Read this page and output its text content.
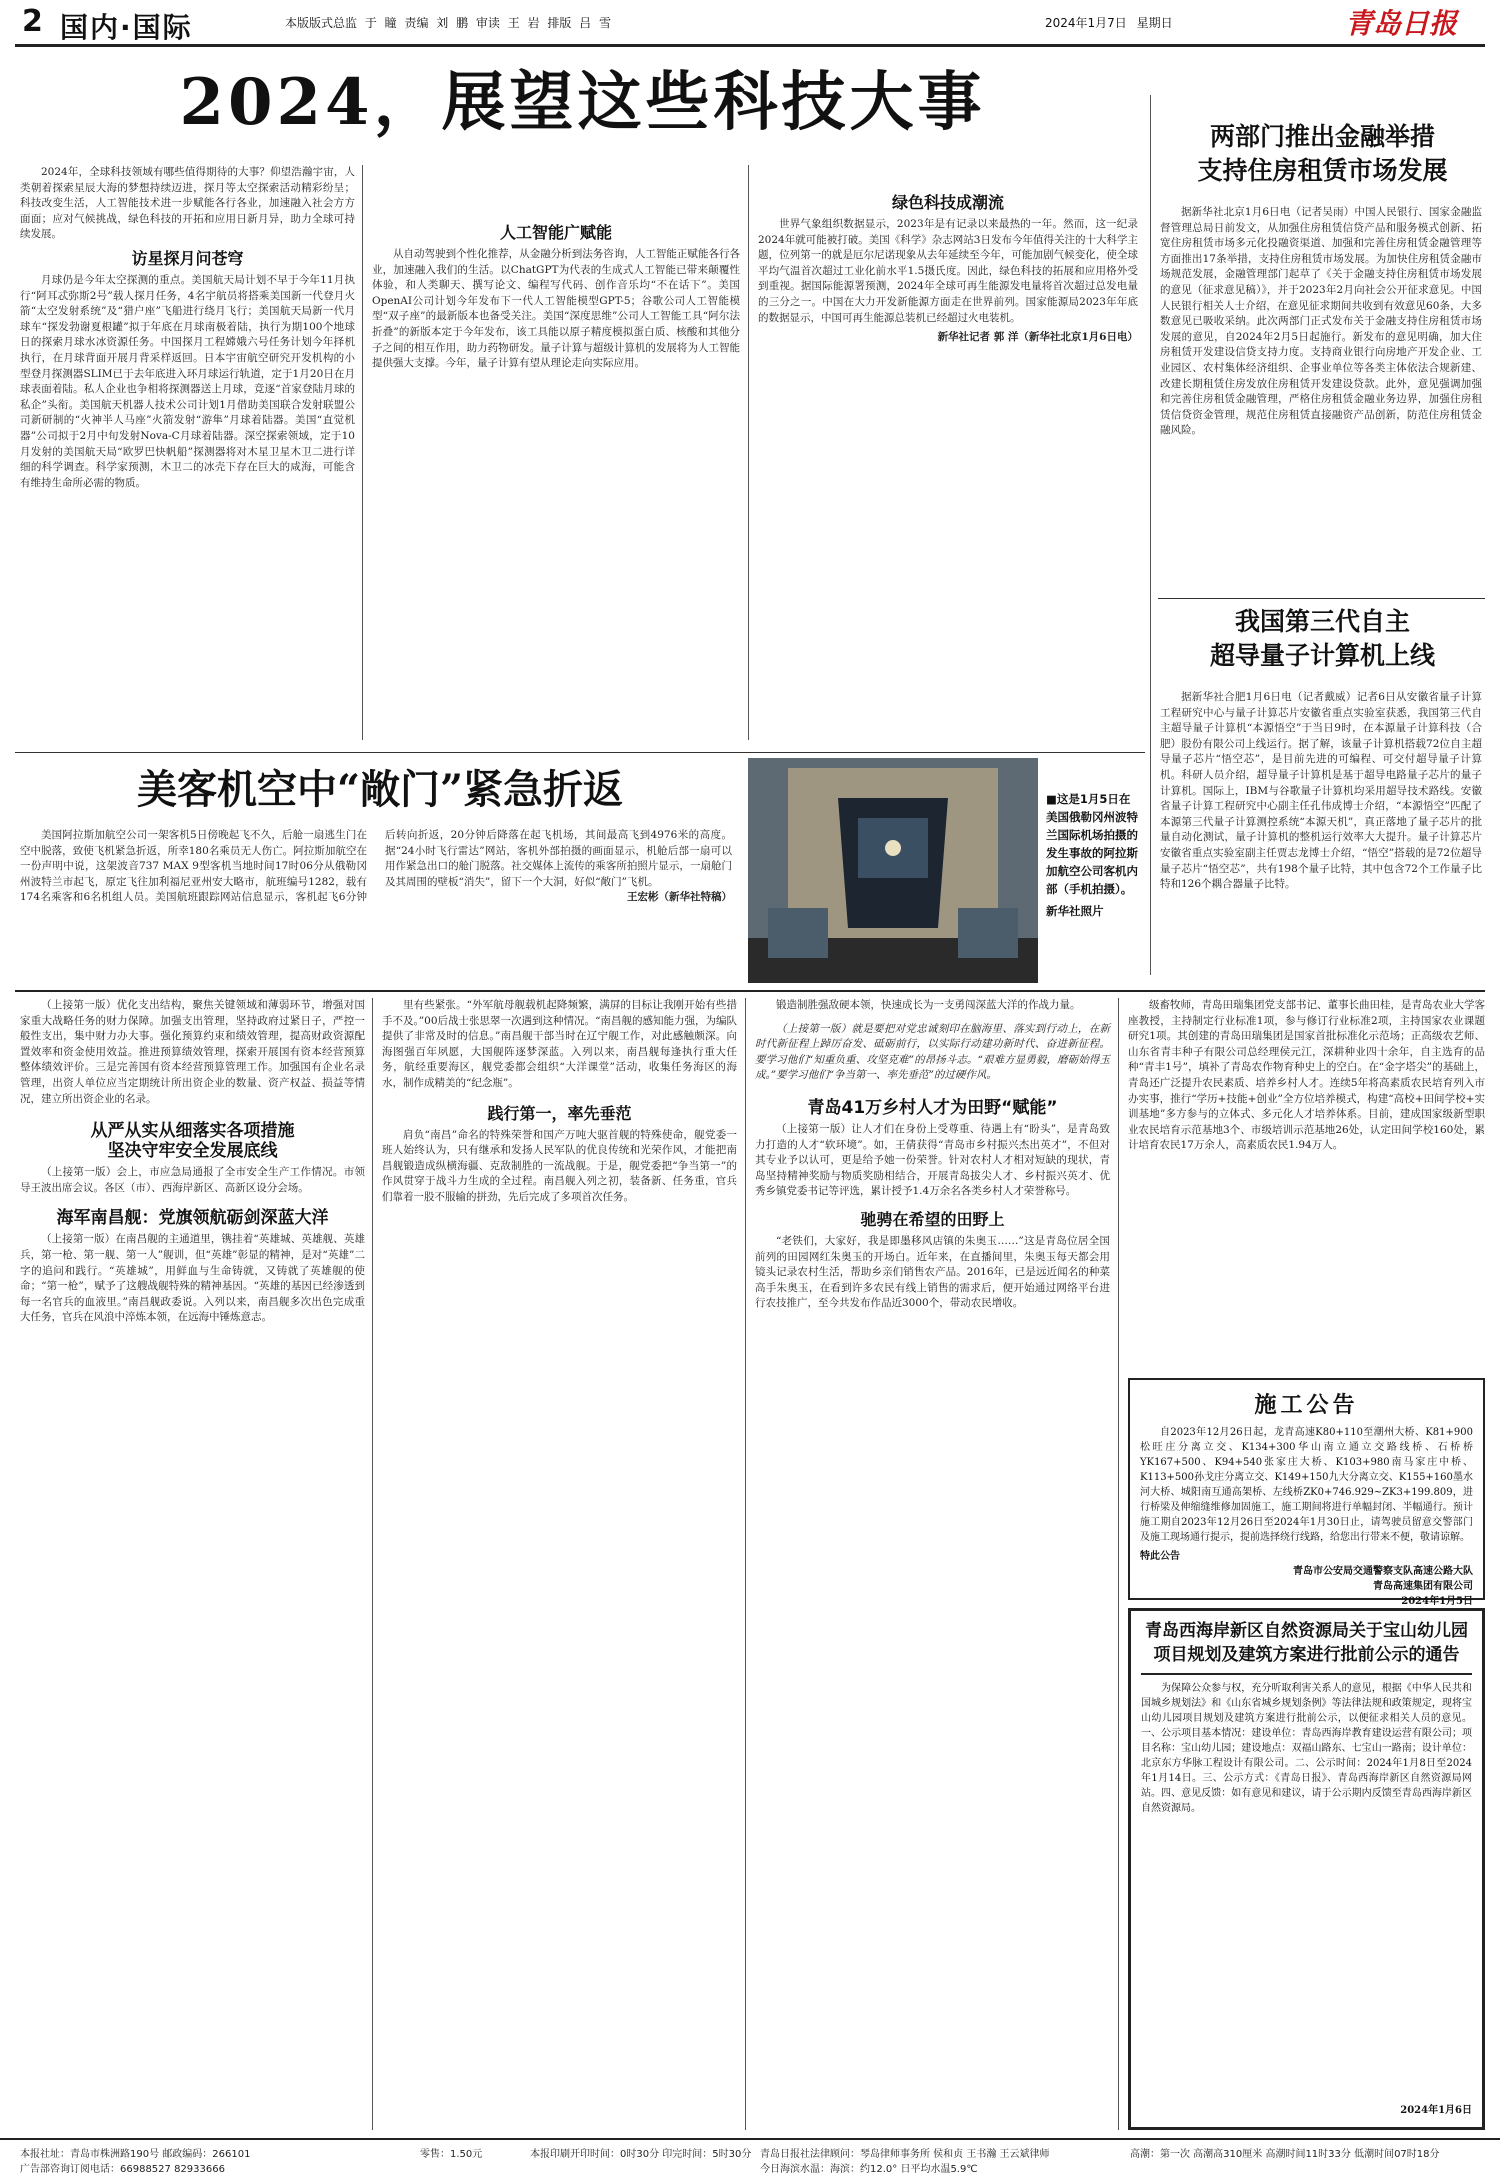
2 国内·国际	本版版式总监 于 瞳 责编 刘 鹏 审读 王 岩 排版 吕 雪	2024年1月7日 星期日	青岛日报
2024，展望这些科技大事

2024年，全球科技领域有哪些值得期待的大事？仰望浩瀚宇宙，人类朝着探索星辰大海的梦想持续迈进，探月等太空探索活动精彩纷呈；科技改变生活，人工智能技术进一步赋能各行各业，加速融入社会方方面面；应对气候挑战，绿色科技的开拓和应用日新月异，助力全球可持续发展。

访星探月问苍穹

月球仍是今年太空探测的重点。美国航天局计划不早于今年11月执行“阿耳忒弥斯2号”载人探月任务，4名宇航员将搭乘美国新一代登月火箭“太空发射系统”及“猎户座”飞船进行绕月飞行；美国航天局新一代月球车“探发勃谢夏根罐”拟于年底在月球南极着陆，执行为期100个地球日的探索月球水冰资源任务。中国探月工程嫦娥六号任务计划今年择机执行，在月球背面开展月背采样返回。日本宇宙航空研究开发机构的小型登月探测器SLIM已于去年底进入环月球运行轨道，定于1月20日在月球表面着陆。私人企业也争相将探测器送上月球，竞逐“首家登陆月球的私企”头衔。美国航天机器人技术公司计划1月借助美国联合发射联盟公司新研制的“火神半人马座”火箭发射“游隼”月球着陆器。美国“直觉机器”公司拟于2月中旬发射Nova-C月球着陆器。深空探索领域，定于10月发射的美国航天局“欧罗巴快帆船”探测器将对木星卫星木卫二进行详细的科学调查。科学家预测，木卫二的冰壳下存在巨大的咸海，可能含有维持生命所必需的物质。

人工智能广赋能

从自动驾驶到个性化推荐，从金融分析到法务咨询，人工智能正赋能各行各业，加速融入我们的生活。以ChatGPT为代表的生成式人工智能已带来颠覆性体验，和人类聊天、撰写论文、编程写代码、创作音乐均“不在话下”。美国OpenAI公司计划今年发布下一代人工智能模型GPT-5；谷歌公司人工智能模型“双子座”的最新版本也备受关注。美国“深度思维”公司人工智能工具“阿尔法折叠”的新版本定于今年发布，该工具能以原子精度模拟蛋白质、核酸和其他分子之间的相互作用，助力药物研发。量子计算与超级计算机的发展将为人工智能提供强大支撑。今年，量子计算有望从理论走向实际应用。

绿色科技成潮流

世界气象组织数据显示，2023年是有记录以来最热的一年。然而，这一纪录2024年就可能被打破。美国《科学》杂志网站3日发布今年值得关注的十大科学主题，位列第一的就是厄尔尼诺现象从去年延续至今年，可能加剧气候变化，使全球平均气温首次超过工业化前水平1.5摄氏度。因此，绿色科技的拓展和应用格外受到重视。据国际能源署预测，2024年全球可再生能源发电量将首次超过总发电量的三分之一。中国在大力开发新能源方面走在世界前列。国家能源局2023年年底的数据显示，中国可再生能源总装机已经超过火电装机。

新华社记者 郭 洋（新华社北京1月6日电）

美客机空中“敞门”紧急折返

美国阿拉斯加航空公司一架客机5日傍晚起飞不久，后舱一扇逃生门在空中脱落，致使飞机紧急折返，所幸180名乘员无人伤亡。阿拉斯加航空在一份声明中说，这架波音737 MAX 9型客机当地时间17时06分从俄勒冈州波特兰市起飞，原定飞往加利福尼亚州安大略市，航班编号1282，载有174名乘客和6名机组人员。美国航班跟踪网站信息显示，客机起飞6分钟后转向折返，20分钟后降落在起飞机场，其间最高飞到4976米的高度。据“24小时飞行雷达”网站，客机外部拍摄的画面显示，机舱后部一扇可以用作紧急出口的舱门脱落。社交媒体上流传的乘客所拍照片显示，一扇舱门及其周围的壁板“消失”，留下一个大洞，好似“敞门”飞机。

王宏彬（新华社特稿）

■这是1月5日在美国俄勒冈州波特兰国际机场拍摄的发生事故的阿拉斯加航空公司客机内部（手机拍摄）。
新华社照片
两部门推出金融举措
支持住房租赁市场发展
据新华社北京1月6日电（记者吴雨）中国人民银行、国家金融监督管理总局日前发文，从加强住房租赁信贷产品和服务模式创新、拓宽住房租赁市场多元化投融资渠道、加强和完善住房租赁金融管理等方面推出17条举措，支持住房租赁市场发展。为加快住房租赁金融市场规范发展，金融管理部门起草了《关于金融支持住房租赁市场发展的意见（征求意见稿）》，并于2023年2月向社会公开征求意见。中国人民银行相关人士介绍，在意见征求期间共收到有效意见60条，大多数意见已吸收采纳。此次两部门正式发布关于金融支持住房租赁市场发展的意见，自2024年2月5日起施行。新发布的意见明确，加大住房租赁开发建设信贷支持力度。支持商业银行向房地产开发企业、工业园区、农村集体经济组织、企事业单位等各类主体依法合规新建、改建长期租赁住房发放住房租赁开发建设贷款。此外，意见强调加强和完善住房租赁金融管理，严格住房租赁金融业务边界，加强住房租赁信贷资金管理，规范住房租赁直接融资产品创新，防范住房租赁金融风险。
我国第三代自主
超导量子计算机上线
据新华社合肥1月6日电（记者戴威）记者6日从安徽省量子计算工程研究中心与量子计算芯片安徽省重点实验室获悉，我国第三代自主超导量子计算机“本源悟空”于当日9时，在本源量子计算科技（合肥）股份有限公司上线运行。据了解，该量子计算机搭载72位自主超导量子芯片“悟空芯”，是目前先进的可编程、可交付超导量子计算机。科研人员介绍，超导量子计算机是基于超导电路量子芯片的量子计算机。国际上，IBM与谷歌量子计算机均采用超导技术路线。安徽省量子计算工程研究中心副主任孔伟成博士介绍，“本源悟空”匹配了本源第三代量子计算测控系统“本源天机”，真正落地了量子芯片的批量自动化测试，量子计算机的整机运行效率大大提升。量子计算芯片安徽省重点实验室副主任贾志龙博士介绍，“悟空”搭载的是72位超导量子芯片“悟空芯”，共有198个量子比特，其中包含72个工作量子比特和126个耦合器量子比特。

（上接第一版）优化支出结构，聚焦关键领域和薄弱环节，增强对国家重大战略任务的财力保障。加强支出管理，坚持政府过紧日子，严控一般性支出，集中财力办大事。强化预算约束和绩效管理，提高财政资源配置效率和资金使用效益。推进预算绩效管理，探索开展国有资本经营预算整体绩效评价。三是完善国有资本经营预算管理工作。加强国有企业名录管理，出资人单位应当定期统计所出资企业的数量、资产权益、损益等情况，建立所出资企业的名录。

从严从实从细落实各项措施
坚决守牢安全发展底线

（上接第一版）会上，市应急局通报了全市安全生产工作情况。市领导王波出席会议。各区（市）、西海岸新区、高新区设分会场。

海军南昌舰：党旗领航砺剑深蓝大洋

（上接第一版）在南昌舰的主通道里，镌挂着“英雄城、英雄舰、英雄兵，第一枪、第一舰、第一人”舰训，但“英雄”彰显的精神，是对“英雄”二字的追问和践行。“英雄城”，用鲜血与生命铸就，又铸就了英雄舰的使命；“第一枪”，赋予了这艘战舰特殊的精神基因。“英雄的基因已经渗透到每一名官兵的血液里。”南昌舰政委说。入列以来，南昌舰多次出色完成重大任务，官兵在风浪中淬炼本领，在远海中锤炼意志。

里有些紧张。“外军航母舰载机起降频繁，满屏的目标让我刚开始有些措手不及。”00后战士张思翠一次遇到这种情况。“南昌舰的感知能力强，为编队提供了非常及时的信息。”南昌舰干部当时在辽宁舰工作，对此感触颇深。向海图强百年夙愿，大国舰阵逐梦深蓝。入列以来，南昌舰每逢执行重大任务，航经重要海区，舰党委都会组织“大洋课堂”活动，收集任务海区的海水，制作成精美的“纪念瓶”。

践行第一，率先垂范

肩负“南昌”命名的特殊荣誉和国产万吨大驱首舰的特殊使命，舰党委一班人始终认为，只有继承和发扬人民军队的优良传统和光荣作风，才能把南昌舰锻造成纵横海疆、克敌制胜的一流战舰。于是，舰党委把“争当第一”的作风贯穿于战斗力生成的全过程。南昌舰入列之初，装备新、任务重，官兵们靠着一股不服输的拼劲，先后完成了多项首次任务。

锻造制胜强敌硬本领，快速成长为一支勇闯深蓝大洋的作战力量。

（上接第一版）就是要把对党忠诚刻印在脑海里、落实到行动上，在新时代新征程上踔厉奋发、砥砺前行，以实际行动建功新时代、奋进新征程。要学习他们“知重负重、攻坚克难”的昂扬斗志。“艰难方显勇毅，磨砺始得玉成。”要学习他们“争当第一、率先垂范”的过硬作风。

青岛41万乡村人才为田野“赋能”

（上接第一版）让人才们在身份上受尊重、待遇上有“盼头”，是青岛致力打造的人才“软环境”。如，王倩获得“青岛市乡村振兴杰出英才”，不但对其专业予以认可，更是给予她一份荣誉。针对农村人才相对短缺的现状，青岛坚持精神奖励与物质奖励相结合，开展青岛拔尖人才、乡村振兴英才、优秀乡镇党委书记等评选，累计授予1.4万余名各类乡村人才荣誉称号。

驰骋在希望的田野上

“老铁们，大家好，我是即墨移风店镇的朱奥玉……”这是青岛位居全国前列的田园网红朱奥玉的开场白。近年来，在直播间里，朱奥玉每天都会用镜头记录农村生活，帮助乡亲们销售农产品。2016年，已是远近闻名的种菜高手朱奥玉，在看到许多农民有线上销售的需求后，便开始通过网络平台进行农技推广，至今共发布作品近3000个，带动农民增收。

级畜牧师，青岛田瑞集团党支部书记、董事长曲田桂，是青岛农业大学客座教授，主持制定行业标准1项，参与修订行业标准2项，主持国家农业课题研究1项。其创建的青岛田瑞集团是国家首批标准化示范场；正高级农艺师、山东省青丰种子有限公司总经理侯元江，深耕种业四十余年，自主选育的品种“青丰1号”，填补了青岛农作物育种史上的空白。在“金字塔尖”的基础上，青岛还广泛提升农民素质、培养乡村人才。连续5年将高素质农民培育列入市办实事，推行“学历+技能+创业”全方位培养模式，构建“高校+田间学校+实训基地”多方参与的立体式、多元化人才培养体系。目前，建成国家级新型职业农民培育示范基地3个、市级培训示范基地26处，认定田间学校160处，累计培育农民17万余人，高素质农民1.94万人。
施工公告
自2023年12月26日起，龙青高速K80+110至潮州大桥、K81+900松旺庄分离立交、K134+300华山南立通立交路线桥、石桥桥YK167+500、K94+540张家庄大桥、K103+980南马家庄中桥、K113+500孙戈庄分离立交、K149+150九大分离立交、K155+160墨水河大桥、城阳南互通高架桥、左线桥ZK0+746.929~ZK3+199.809，进行桥梁及伸缩缝维修加固施工，施工期间将进行单幅封闭、半幅通行。预计施工期自2023年12月26日至2024年1月30日止，请驾驶员留意交警部门及施工现场通行提示，提前选择绕行线路，给您出行带来不便，敬请谅解。
特此公告
青岛市公安局交通警察支队高速公路大队
青岛高速集团有限公司
2024年1月5日
青岛西海岸新区自然资源局关于宝山幼儿园
项目规划及建筑方案进行批前公示的通告
为保障公众参与权，充分听取利害关系人的意见，根据《中华人民共和国城乡规划法》和《山东省城乡规划条例》等法律法规和政策规定，现将宝山幼儿园项目规划及建筑方案进行批前公示，以便征求相关人员的意见。一、公示项目基本情况：建设单位：青岛西海岸教育建设运营有限公司；项目名称：宝山幼儿园；建设地点：双福山路东、七宝山一路南；设计单位：北京东方华脉工程设计有限公司。二、公示时间：2024年1月8日至2024年1月14日。三、公示方式：《青岛日报》、青岛西海岸新区自然资源局网站。四、意见反馈：如有意见和建议，请于公示期内反馈至青岛西海岸新区自然资源局。
2024年1月6日
本报社址：青岛市株洲路190号 邮政编码：266101
广告部咨询订阅电话：66988527 82933666
零售：1.50元	本报印刷开印时间：0时30分 印完时间：5时30分 青岛日报社法律顾问：琴岛律师事务所 侯和贞 王书瀚 王云斌律师
今日海滨水温：海滨：约12.0° 日平均水温5.9℃
高潮：第一次 高潮高310厘米 高潮时间11时33分 低潮时间07时18分
